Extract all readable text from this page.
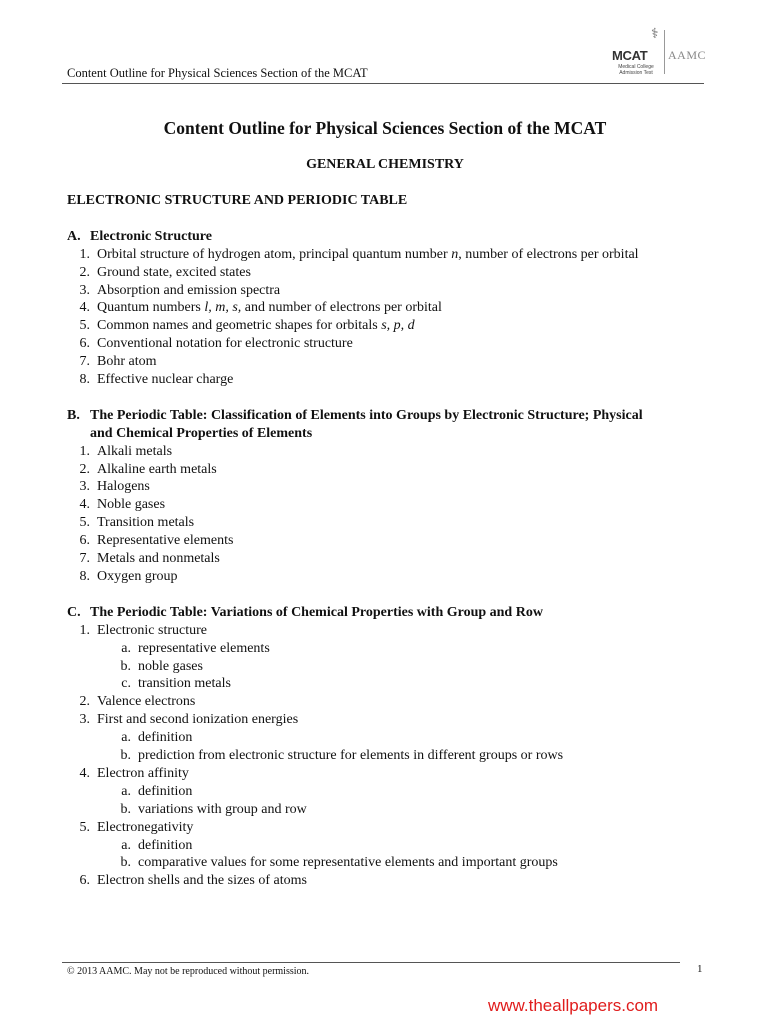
Content Outline for Physical Sciences Section of the MCAT
⚕
MCAT
Medical College Admission Test
AAMC
Content Outline for Physical Sciences Section of the MCAT
GENERAL CHEMISTRY
ELECTRONIC STRUCTURE AND PERIODIC TABLE
A. Electronic Structure
1. Orbital structure of hydrogen atom, principal quantum number n, number of electrons per orbital
2. Ground state, excited states
3. Absorption and emission spectra
4. Quantum numbers l, m, s, and number of electrons per orbital
5. Common names and geometric shapes for orbitals s, p, d
6. Conventional notation for electronic structure
7. Bohr atom
8. Effective nuclear charge
B. The Periodic Table: Classification of Elements into Groups by Electronic Structure; Physical
and Chemical Properties of Elements
1. Alkali metals
2. Alkaline earth metals
3. Halogens
4. Noble gases
5. Transition metals
6. Representative elements
7. Metals and nonmetals
8. Oxygen group
C. The Periodic Table: Variations of Chemical Properties with Group and Row
1. Electronic structure
a. representative elements
b. noble gases
c. transition metals
2. Valence electrons
3. First and second ionization energies
a. definition
b. prediction from electronic structure for elements in different groups or rows
4. Electron affinity
a. definition
b. variations with group and row
5. Electronegativity
a. definition
b. comparative values for some representative elements and important groups
6. Electron shells and the sizes of atoms
© 2013 AAMC. May not be reproduced without permission.	1
www.theallpapers.com
